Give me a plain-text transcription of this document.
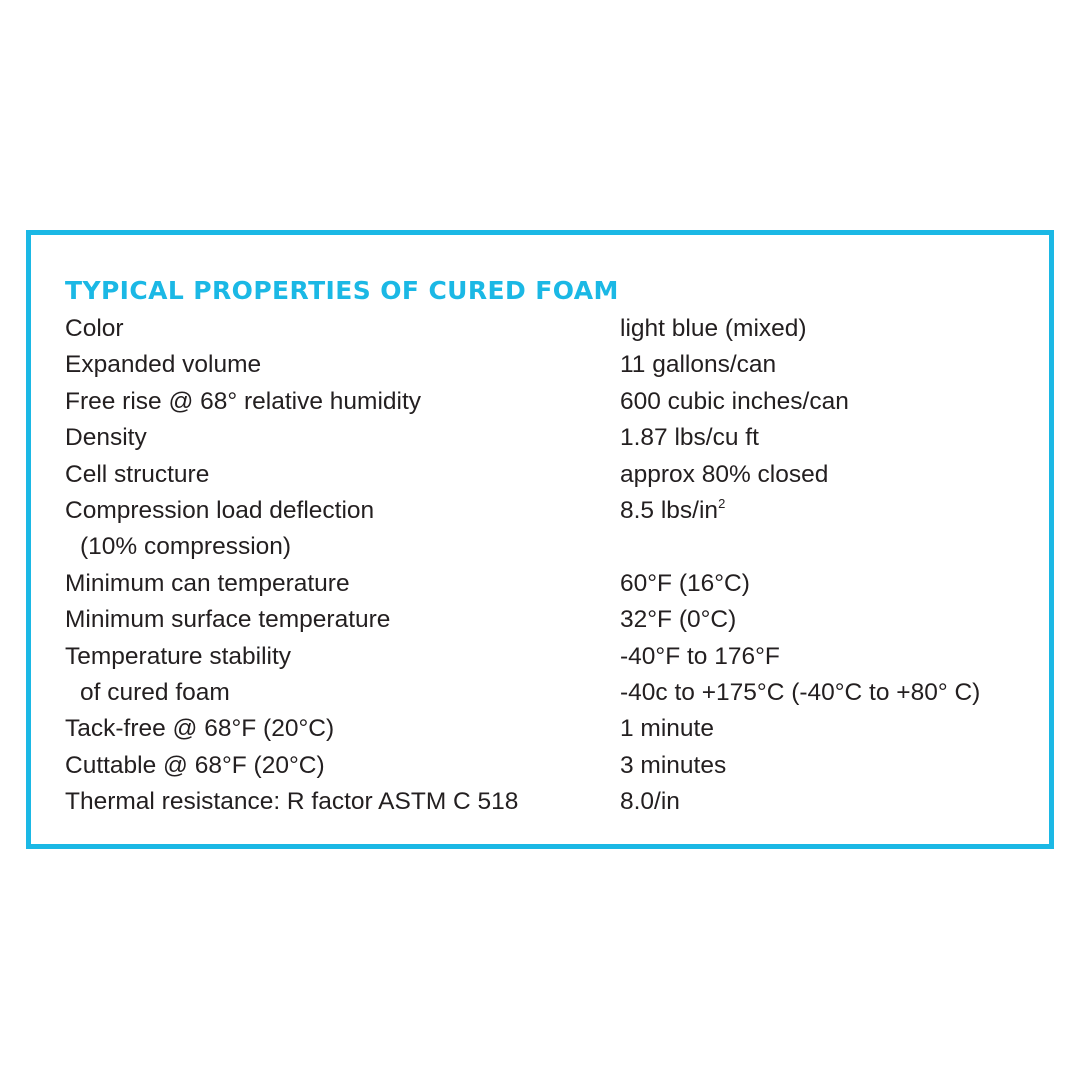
TYPICAL PROPERTIES OF CURED FOAM
Color	light blue (mixed)
Expanded volume	11 gallons/can
Free rise @ 68° relative humidity	600 cubic inches/can
Density	1.87 lbs/cu ft
Cell structure	approx 80% closed
Compression load deflection	8.5 lbs/$in^2$
(10% compression)
Minimum can temperature	60°F (16°C)
Minimum surface temperature	32°F (0°C)
Temperature stability	-40°F to 176°F
of cured foam	-40c to +175°C (-40°C to +80° C)
Tack-free @ 68°F (20°C)	1 minute
Cuttable @ 68°F (20°C)	3 minutes
Thermal resistance: R factor ASTM C 518	8.0/in
